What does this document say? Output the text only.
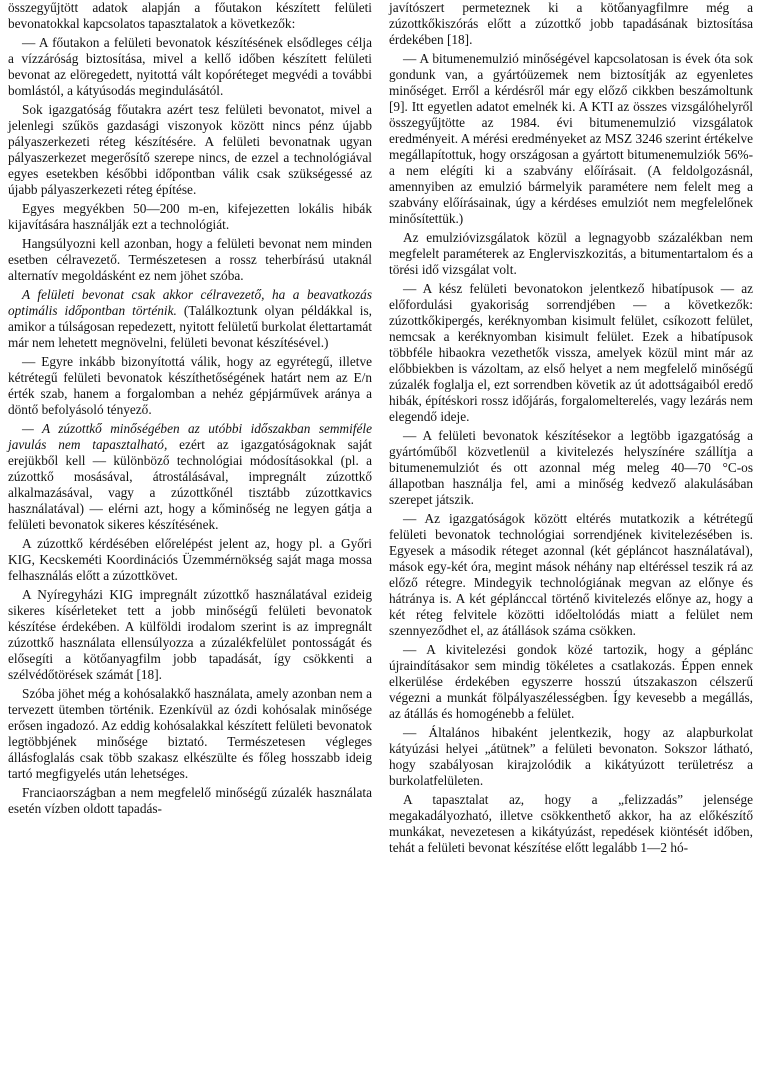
összegyűjtött adatok alapján a főutakon készített felületi bevonatokkal kapcsolatos tapasztalatok a következők:

— A főutakon a felületi bevonatok készítésének elsődleges célja a vízzáróság biztosítása, mivel a kellő időben készített felületi bevonat az elöregedett, nyitottá vált kopóréteget megvédi a további bomlástól, a kátyúsodás megindulásától.

Sok igazgatóság főutakra azért tesz felületi bevonatot, mivel a jelenlegi szűkös gazdasági viszonyok között nincs pénz újabb pályaszerkezeti réteg készítésére. A felületi bevonatnak ugyan pályaszerkezet megerősítő szerepe nincs, de ezzel a technológiával egyes esetekben későbbi időpontban válik csak szükségessé az újabb pályaszerkezeti réteg építése.

Egyes megyékben 50—200 m-en, kifejezetten lokális hibák kijavítására használják ezt a technológiát.

Hangsúlyozni kell azonban, hogy a felületi bevonat nem minden esetben célravezető. Természetesen a rossz teherbírású utaknál alternatív megoldásként ez nem jöhet szóba.

A felületi bevonat csak akkor célravezető, ha a beavatkozás optimális időpontban történik. (Találkoztunk olyan példákkal is, amikor a túlságosan repedezett, nyitott felületű burkolat élettartamát már nem lehetett megnövelni, felületi bevonat készítésével.)

— Egyre inkább bizonyítottá válik, hogy az egyrétegű, illetve kétrétegű felületi bevonatok készíthetőségének határt nem az E/n érték szab, hanem a forgalomban a nehéz gépjárművek aránya a döntő befolyásoló tényező.

— A zúzottkő minőségében az utóbbi időszakban semmiféle javulás nem tapasztalható, ezért az igazgatóságoknak saját erejükből kell — különböző technológiai módosításokkal (pl. a zúzottkő mosásával, átrostálásával, impregnált zúzottkő alkalmazásával, vagy a zúzottkőnél tisztább zúzottkavics használatával) — elérni azt, hogy a kőminőség ne legyen gátja a felületi bevonatok sikeres készítésének.

A zúzottkő kérdésében előrelépést jelent az, hogy pl. a Győri KIG, Kecskeméti Koordinációs Üzemmérnökség saját maga mossa felhasználás előtt a zúzottkövet.

A Nyíregyházi KIG impregnált zúzottkő használatával ezideig sikeres kísérleteket tett a jobb minőségű felületi bevonatok készítése érdekében. A külföldi irodalom szerint is az impregnált zúzottkő használata ellensúlyozza a zúzalékfelület pontosságát és elősegíti a kötőanyagfilm jobb tapadását, így csökkenti a szélvédőtörések számát [18].

Szóba jöhet még a kohósalakkő használata, amely azonban nem a tervezett ütemben történik. Ezenkívül az ózdi kohósalak minősége erősen ingadozó. Az eddig kohósalakkal készített felületi bevonatok legtöbbjének minősége biztató. Természetesen végleges állásfoglalás csak több szakasz elkészülte és főleg hosszabb ideig tartó megfigyelés után lehetséges.

Franciaországban a nem megfelelő minőségű zúzalék használata esetén vízben oldott tapadás-

javítószert permeteznek ki a kötőanyagfilmre még a zúzottkőkiszórás előtt a zúzottkő jobb tapadásának biztosítása érdekében [18].

— A bitumenemulzió minőségével kapcsolatosan is évek óta sok gondunk van, a gyártóüzemek nem biztosítják az egyenletes minőséget. Erről a kérdésről már egy előző cikkben beszámoltunk [9]. Itt egyetlen adatot emelnék ki. A KTI az összes vizsgálóhelyről összegyűjtötte az 1984. évi bitumenemulzió vizsgálatok eredményeit. A mérési eredményeket az MSZ 3246 szerint értékelve megállapítottuk, hogy országosan a gyártott bitumenemulziók 56%-a nem elégíti ki a szabvány előírásait. (A feldolgozásnál, amennyiben az emulzió bármelyik paramétere nem felelt meg a szabvány előírásainak, úgy a kérdéses emulziót nem megfelelőnek minősítettük.)

Az emulzióvizsgálatok közül a legnagyobb százalékban nem megfelelt paraméterek az Englerviszkozitás, a bitumentartalom és a törési idő vizsgálat volt.

— A kész felületi bevonatokon jelentkező hibatípusok — az előfordulási gyakoriság sorrendjében — a következők: zúzottkőkipergés, keréknyomban kisimult felület, csíkozott felület, nemcsak a keréknyomban kisimult felület. Ezek a hibatípusok többféle hibaokra vezethetők vissza, amelyek közül mint már az előbbiekben is vázoltam, az első helyet a nem megfelelő minőségű zúzalék foglalja el, ezt sorrendben követik az út adottságaiból eredő hibák, építéskori rossz időjárás, forgalomelterelés, vagy lezárás nem elegendő ideje.

— A felületi bevonatok készítésekor a legtöbb igazgatóság a gyártóműből közvetlenül a kivitelezés helyszínére szállítja a bitumenemulziót és ott azonnal még meleg 40—70 °C-os állapotban használja fel, ami a minőség kedvező alakulásában szerepet játszik.

— Az igazgatóságok között eltérés mutatkozik a kétrétegű felületi bevonatok technológiai sorrendjének kivitelezésében is. Egyesek a második réteget azonnal (két gépláncot használatával), mások egy-két óra, megint mások néhány nap eltéréssel teszik rá az előző rétegre. Mindegyik technológiának megvan az előnye és hátránya is. A két géplánccal történő kivitelezés előnye az, hogy a két réteg felvitele közötti időeltolódás miatt a felület nem szennyeződhet el, az átállások száma csökken.

— A kivitelezési gondok közé tartozik, hogy a géplánc újraindításakor sem mindig tökéletes a csatlakozás. Éppen ennek elkerülése érdekében egyszerre hosszú útszakaszon célszerű végezni a munkát fölpályaszélességben. Így kevesebb a megállás, az átállás és homogénebb a felület.

— Általános hibaként jelentkezik, hogy az alapburkolat kátyúzási helyei „átütnek” a felületi bevonaton. Sokszor látható, hogy szabályosan kirajzolódik a kikátyúzott területrész a burkolatfelületen.

A tapasztalat az, hogy a „felizzadás” jelensége megakadályozható, illetve csökkenthető akkor, ha az előkészítő munkákat, nevezetesen a kikátyúzást, repedések kiöntését időben, tehát a felületi bevonat készítése előtt legalább 1—2 hó-
